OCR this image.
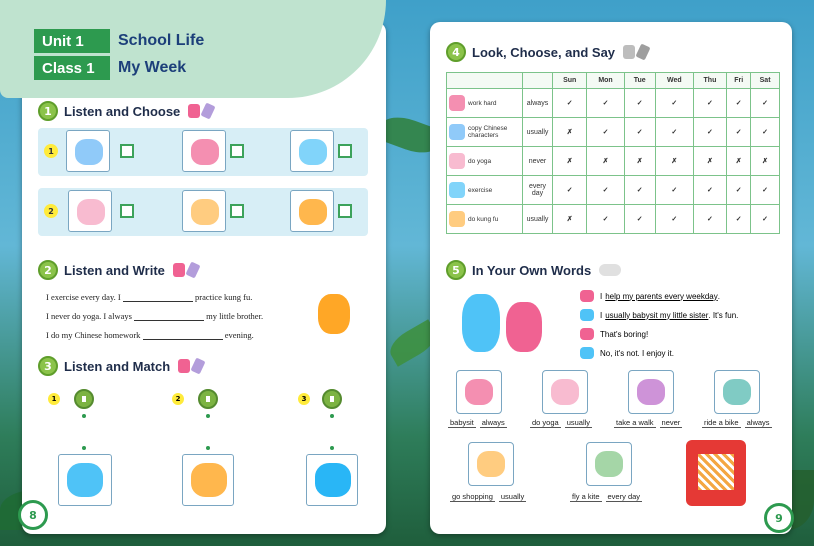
Unit 1	School Life
Class 1	My Week
1 Listen and Choose
1
2
2 Listen and Write
I exercise every day. I	practice kung fu.
I never do yoga. I always	my little brother.
I do my Chinese homework	evening.
3 Listen and Match
1	2	3
8
4 Look, Choose, and Say
		Sun	Mon	Tue	Wed	Thu	Fri	Sat
work hard	always	✓	✓	✓	✓	✓	✓	✓
copy Chinese characters	usually	✗	✓	✓	✓	✓	✓	✓
do yoga	never	✗	✗	✗	✗	✗	✗	✗
exercise	every day	✓	✓	✓	✓	✓	✓	✓
do kung fu	usually	✗	✓	✓	✓	✓	✓	✓
5 In Your Own Words
I help my parents every weekday .
I usually babysit my little sister . It's fun.
That's boring!
No, it's not. I enjoy it.
babysit always	do yoga usually	take a walk never	ride a bike always
go shopping usually	fly a kite every day
9
